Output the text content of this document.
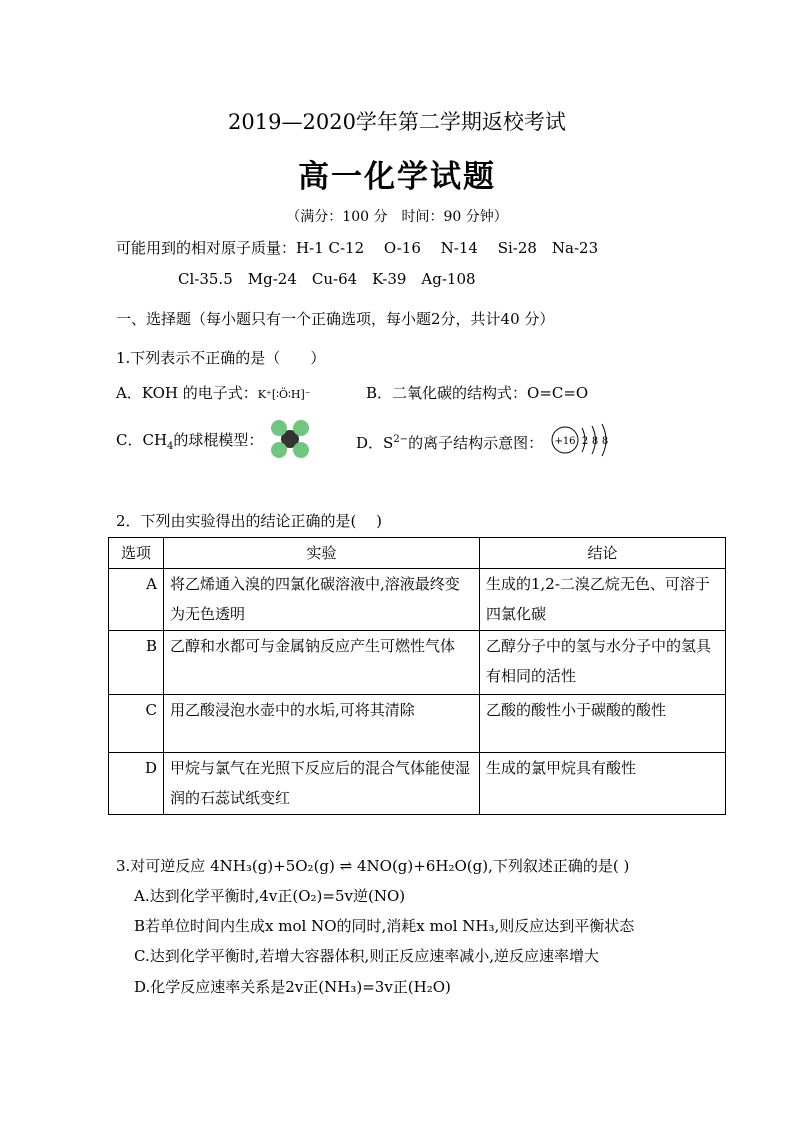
2019—2020学年第二学期返校考试
高一化学试题
（满分：100 分　时间：90 分钟）
可能用到的相对原子质量：H-1 C-12　 O-16　 N-14　 Si-28　Na-23
Cl-35.5　Mg-24　Cu-64　K-39　Ag-108
一、选择题（每小题只有一个正确选项，每小题2分，共计40 分）
1.下列表示不正确的是（　　）
A．KOH 的电子式：K⁺[∶Ö∶H]⁻	B．二氧化碳的结构式：O=C=O
C．$CH_4$的球棍模型：	D．$S^{2-}$的离子结构示意图： +16 2 8 8
2．下列由实验得出的结论正确的是(　 )
选项	实验	结论
A	将乙烯通入溴的四氯化碳溶液中,溶液最终变为无色透明	生成的1,2-二溴乙烷无色、可溶于四氯化碳
B	乙醇和水都可与金属钠反应产生可燃性气体	乙醇分子中的氢与水分子中的氢具有相同的活性
C	用乙酸浸泡水壶中的水垢,可将其清除	乙酸的酸性小于碳酸的酸性
D	甲烷与氯气在光照下反应后的混合气体能使湿润的石蕊试纸变红	生成的氯甲烷具有酸性
3.对可逆反应 4NH₃(g)+5O₂(g) ⇌ 4NO(g)+6H₂O(g),下列叙述正确的是( )
A.达到化学平衡时,4v正(O₂)=5v逆(NO)
B若单位时间内生成x mol NO的同时,消耗x mol NH₃,则反应达到平衡状态
C.达到化学平衡时,若增大容器体积,则正反应速率减小,逆反应速率增大
D.化学反应速率关系是2v正(NH₃)=3v正(H₂O)
